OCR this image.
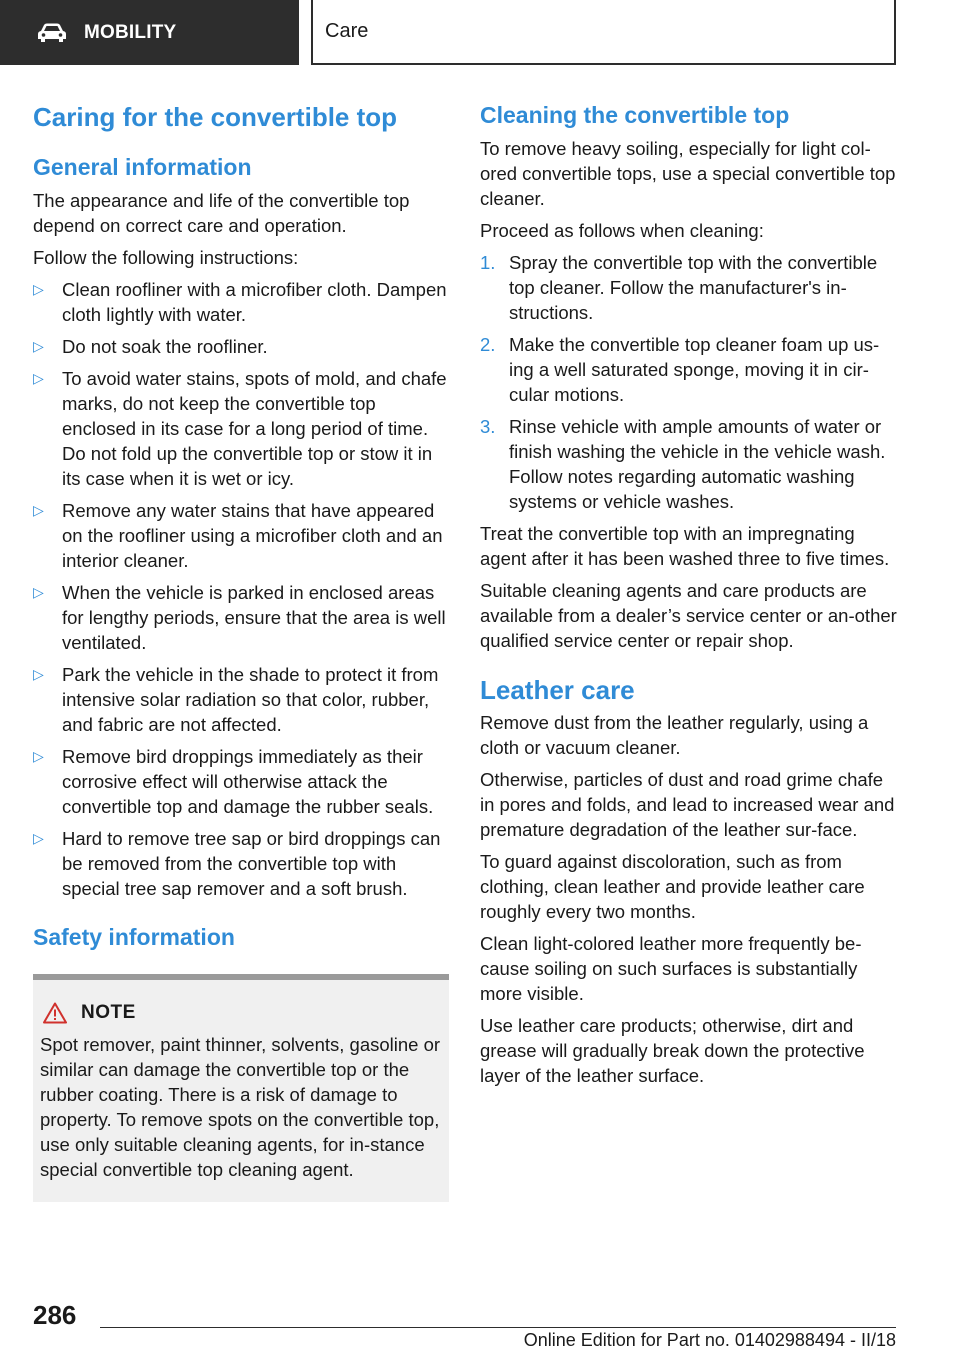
MOBILITY	Care
Caring for the convertible top
General information

The appearance and life of the convertible top depend on correct care and operation.

Follow the following instructions:

▷ Clean roofliner with a microfiber cloth. Dampen cloth lightly with water.
▷ Do not soak the roofliner.
▷ To avoid water stains, spots of mold, and chafe marks, do not keep the convertible top enclosed in its case for a long period of time. Do not fold up the convertible top or stow it in its case when it is wet or icy.
▷ Remove any water stains that have appeared on the roofliner using a microfiber cloth and an interior cleaner.
▷ When the vehicle is parked in enclosed areas for lengthy periods, ensure that the area is well ventilated.
▷ Park the vehicle in the shade to protect it from intensive solar radiation so that color, rubber, and fabric are not affected.
▷ Remove bird droppings immediately as their corrosive effect will otherwise attack the convertible top and damage the rubber seals.
▷ Hard to remove tree sap or bird droppings can be removed from the convertible top with special tree sap remover and a soft brush.
Safety information
NOTE

Spot remover, paint thinner, solvents, gasoline or similar can damage the convertible top or the rubber coating. There is a risk of damage to property. To remove spots on the convertible top, use only suitable cleaning agents, for in-stance special convertible top cleaning agent.

Cleaning the convertible top

To remove heavy soiling, especially for light col-ored convertible tops, use a special convertible top cleaner.

Proceed as follows when cleaning:

1. Spray the convertible top with the convertible top cleaner. Follow the manufacturer's in-structions.
2. Make the convertible top cleaner foam up us-ing a well saturated sponge, moving it in cir-cular motions.
3. Rinse vehicle with ample amounts of water or finish washing the vehicle in the vehicle wash. Follow notes regarding automatic washing systems or vehicle washes.

Treat the convertible top with an impregnating agent after it has been washed three to five times.

Suitable cleaning agents and care products are available from a dealer’s service center or an-other qualified service center or repair shop.

Leather care

Remove dust from the leather regularly, using a cloth or vacuum cleaner.

Otherwise, particles of dust and road grime chafe in pores and folds, and lead to increased wear and premature degradation of the leather sur-face.

To guard against discoloration, such as from clothing, clean leather and provide leather care roughly every two months.

Clean light-colored leather more frequently be-cause soiling on such surfaces is substantially more visible.

Use leather care products; otherwise, dirt and grease will gradually break down the protective layer of the leather surface.

286
Online Edition for Part no. 01402988494 - II/18
